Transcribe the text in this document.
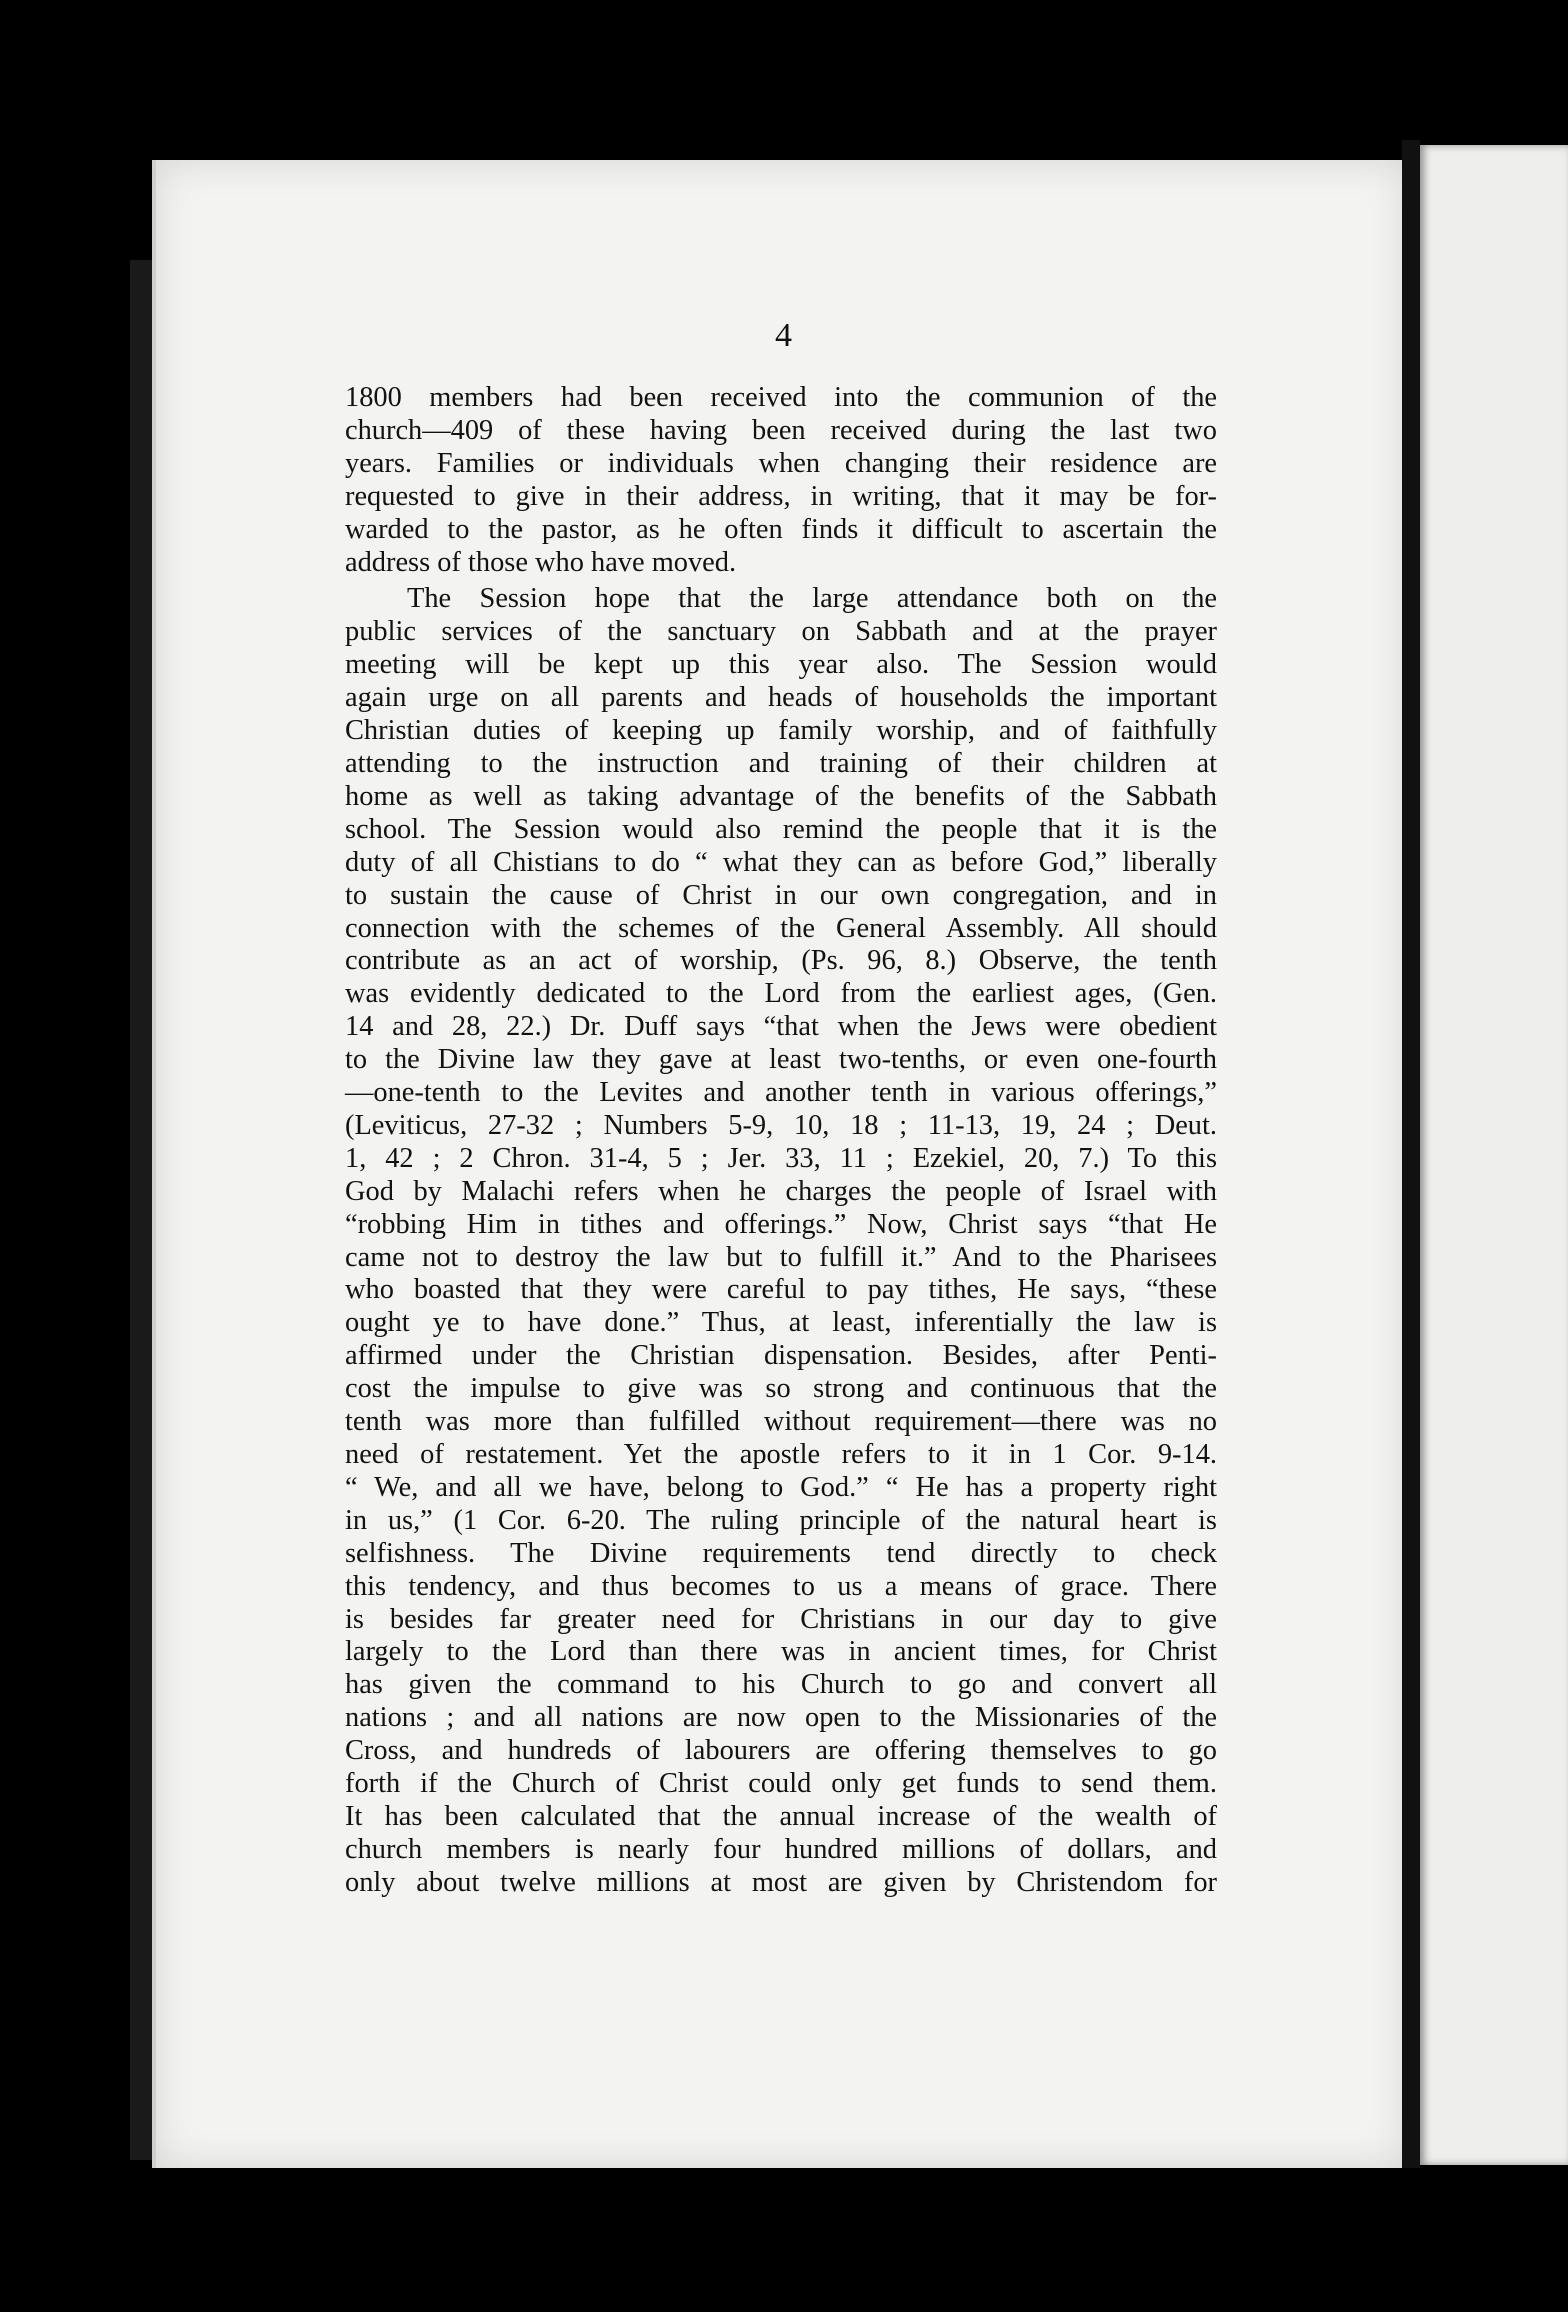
4
1800 members had been received into the communion of the
church—409 of these having been received during the last two
years. Families or individuals when changing their residence are
requested to give in their address, in writing, that it may be for-
warded to the pastor, as he often finds it difficult to ascertain the
address of those who have moved.
The Session hope that the large attendance both on the
public services of the sanctuary on Sabbath and at the prayer
meeting will be kept up this year also. The Session would
again urge on all parents and heads of households the important
Christian duties of keeping up family worship, and of faithfully
attending to the instruction and training of their children at
home as well as taking advantage of the benefits of the Sabbath
school. The Session would also remind the people that it is the
duty of all Chistians to do “ what they can as before God,” liberally
to sustain the cause of Christ in our own congregation, and in
connection with the schemes of the General Assembly. All should
contribute as an act of worship, (Ps. 96, 8.) Observe, the tenth
was evidently dedicated to the Lord from the earliest ages, (Gen.
14 and 28, 22.) Dr. Duff says “that when the Jews were obedient
to the Divine law they gave at least two-tenths, or even one-fourth
—one-tenth to the Levites and another tenth in various offerings,”
(Leviticus, 27-32 ; Numbers 5-9, 10, 18 ; 11-13, 19, 24 ; Deut.
1, 42 ; 2 Chron. 31-4, 5 ; Jer. 33, 11 ; Ezekiel, 20, 7.) To this
God by Malachi refers when he charges the people of Israel with
“robbing Him in tithes and offerings.” Now, Christ says “that He
came not to destroy the law but to fulfill it.” And to the Pharisees
who boasted that they were careful to pay tithes, He says, “these
ought ye to have done.” Thus, at least, inferentially the law is
affirmed under the Christian dispensation. Besides, after Penti-
cost the impulse to give was so strong and continuous that the
tenth was more than fulfilled without requirement—there was no
need of restatement. Yet the apostle refers to it in 1 Cor. 9-14.
“ We, and all we have, belong to God.” “ He has a property right
in us,” (1 Cor. 6-20. The ruling principle of the natural heart is
selfishness. The Divine requirements tend directly to check
this tendency, and thus becomes to us a means of grace. There
is besides far greater need for Christians in our day to give
largely to the Lord than there was in ancient times, for Christ
has given the command to his Church to go and convert all
nations ; and all nations are now open to the Missionaries of the
Cross, and hundreds of labourers are offering themselves to go
forth if the Church of Christ could only get funds to send them.
It has been calculated that the annual increase of the wealth of
church members is nearly four hundred millions of dollars, and
only about twelve millions at most are given by Christendom for
